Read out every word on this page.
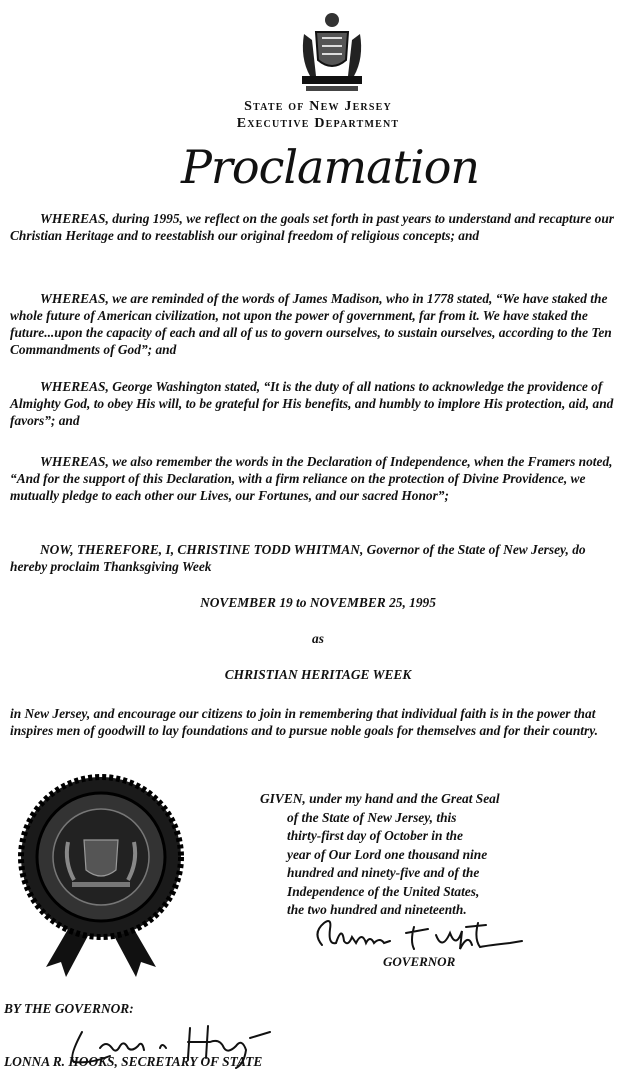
State of New Jersey
Executive Department
Proclamation

WHEREAS, during 1995, we reflect on the goals set forth in past years to understand and recapture our Christian Heritage and to reestablish our original freedom of religious concepts; and

WHEREAS, we are reminded of the words of James Madison, who in 1778 stated, “We have staked the whole future of American civilization, not upon the power of government, far from it. We have staked the future...upon the capacity of each and all of us to govern ourselves, to sustain ourselves, according to the Ten Commandments of God”; and

WHEREAS, George Washington stated, “It is the duty of all nations to acknowledge the providence of Almighty God, to obey His will, to be grateful for His benefits, and humbly to implore His protection, aid, and favors”; and

WHEREAS, we also remember the words in the Declaration of Independence, when the Framers noted, “And for the support of this Declaration, with a firm reliance on the protection of Divine Providence, we mutually pledge to each other our Lives, our Fortunes, and our sacred Honor”;

NOW, THEREFORE, I, CHRISTINE TODD WHITMAN, Governor of the State of New Jersey, do hereby proclaim Thanksgiving Week

NOVEMBER 19 to NOVEMBER 25, 1995
as
CHRISTIAN HERITAGE WEEK

in New Jersey, and encourage our citizens to join in remembering that individual faith is in the power that inspires men of goodwill to lay foundations and to pursue noble goals for themselves and for their country.

GIVEN, under my hand and the Great Seal
of the State of New Jersey, this
thirty-first day of October in the
year of Our Lord one thousand nine
hundred and ninety-five and of the
Independence of the United States,
the two hundred and nineteenth.
GOVERNOR
BY THE GOVERNOR:
LONNA R. HOOKS, SECRETARY OF STATE
